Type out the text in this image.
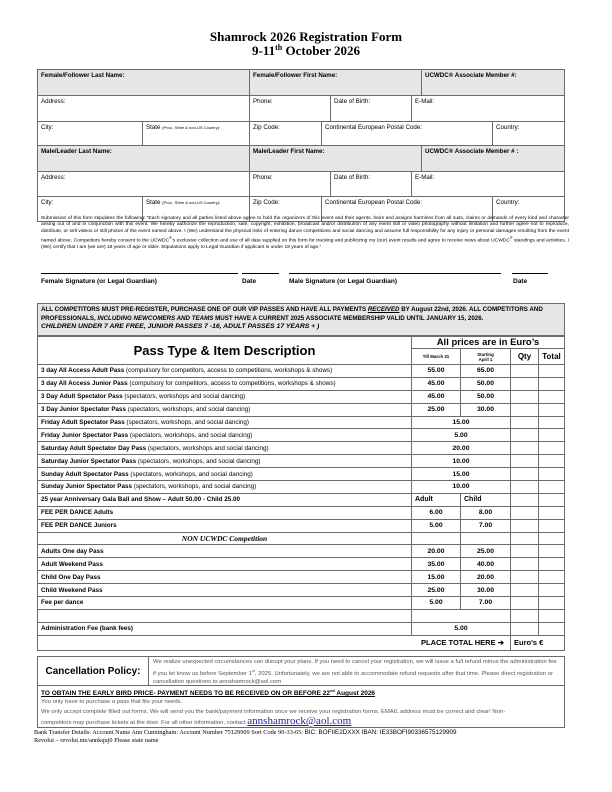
Shamrock 2026 Registration Form
9-11th October 2026
Female/Follower Last Name:	Female/Follower First Name:	UCWDC® Associate Member #:
Address:	Phone:	Date of Birth:	E-Mail:
City:	State (Prov., Shire & non-US Country):	Zip Code:	Continental European Postal Code:	Country:
Male/Leader Last Name:	Male/Leader First Name:	UCWDC® Associate Member # :
Address:	Phone:	Date of Birth:	E-Mail:
City:	State (Prov., Shire & non-US Country):	Zip Code:	Continental European Postal Code:	Country:
Submission of this form stipulates the following: “Each signatory and all parties listed above agree to hold the organizers of this event and their agents, heirs and assigns harmless from all suits, claims or demands of every kind and character arising out of and in conjunction with this event. We hereby authorize the reproduction, sale, copyright, exhibition, broadcast and/or distribution of any event still or video photography without limitation and further agree not to reproduce, distribute, or sell videos or still photos of the event named above. I (We) understand the physical risks of entering dance competitions and social dancing and assume full responsibility for any injury or personal damages resulting from the event named above. Competitors hereby consent to the UCWDC®’s exclusive collection and use of all data supplied on this form for tracking and publicizing my (our) event results and agree to receive news about UCWDC® standings and activities. I (We) certify that I am (we are) 18 years of age or older. Stipulations apply to Legal Guardian if applicant is under 18 years of age.”
Female Signature (or Legal Guardian)	Date	Male Signature (or Legal Guardian)	Date
ALL COMPETITORS MUST PRE-REGISTER, PURCHASE ONE OF OUR VIP PASSES AND HAVE ALL PAYMENTS RECEIVED BY August 22nd, 2026. ALL COMPETITORS AND
PROFESSIONALS, INCLUDING NEWCOMERS AND TEAMS MUST HAVE A CURRENT 2025 ASSOCIATE MEMBERSHIP VALID UNTIL JANUARY 15, 2026.
CHILDREN UNDER 7 ARE FREE, JUNIOR PASSES 7 -16, ADULT PASSES 17 YEARS + )
Pass Type & Item Description	All prices are in Euro’s			
	Till March 31	Starting
April 1	Qty	Total
3 day All Access Adult Pass (compulsory for competitors, access to competitions, workshops & shows)	55.00	65.00		
3 day All Access Junior Pass (compulsory for competitors, access to competitions, workshops & shows)	45.00	50.00		
3 Day Adult Spectator Pass (spectators, workshops and social dancing)	45.00	50.00		
3 Day Junior Spectator Pass (spectators, workshops, and social dancing)	25.00	30.00		
Friday Adult Spectator Pass (spectators, workshops, and social dancing)	15.00			
Friday Junior Spectator Pass (spectators, workshops, and social dancing)	5.00			
Saturday Adult Spectator Day Pass (spectators, workshops and social dancing)	20.00			
Saturday Junior Spectator Pass (spectators, workshops, and social dancing)	10.00			
Sunday Adult Spectator Pass (spectators, workshops, and social dancing)	15.00			
Sunday Junior Spectator Pass (spectators, workshops, and social dancing)	10.00			
25 year Anniversary Gala Ball and Show – Adult 50.00 - Child 25.00	Adult	Child		
FEE PER DANCE Adults	6.00	8.00		
FEE PER DANCE Juniors	5.00	7.00		
NON UCWDC Competition				
Adults One day Pass	20.00	25.00		
Adult Weekend Pass	35.00	40.00		
Child One Day Pass	15.00	20.00		
Child Weekend Pass	25.00	30.00		
Fee per dance	5.00	7.00		

Administration Fee (bank fees)	5.00			
PLACE TOTAL HERE ➔			Euro's €	
Cancellation Policy:
We realize unexpected circumstances can disrupt your plans. If you need to cancel your registration, we will issue a full refund minus the administration fee if you let know us before September 1st, 2025. Unfortunately, we are not able to accommodate refund requests after that time. Please direct registration or cancellation questions to annshamrock@aol.com
TO OBTAIN THE EARLY BIRD PRICE- PAYMENT NEEDS TO BE RECEIVED ON OR BEFORE 22nd August 2026
You only have to purchase a pass that fits your needs.
We only accept complete filled out forms. We will send you the bank/payment information once we receive your registration forms. EMAIL address must be correct and clear! Non-
competitors may purchase tickets at the door. For all other information, contact annshamrock@aol.com
Bank Transfer Details: Account Name Ann Cunningham: Account Number 75129909 Sort Code 90-33-65: BIC: BOFIIE2DXXX IBAN: IE33BOFI90336575129909
Revolut – revolut.me/annkquj0 Please state name
